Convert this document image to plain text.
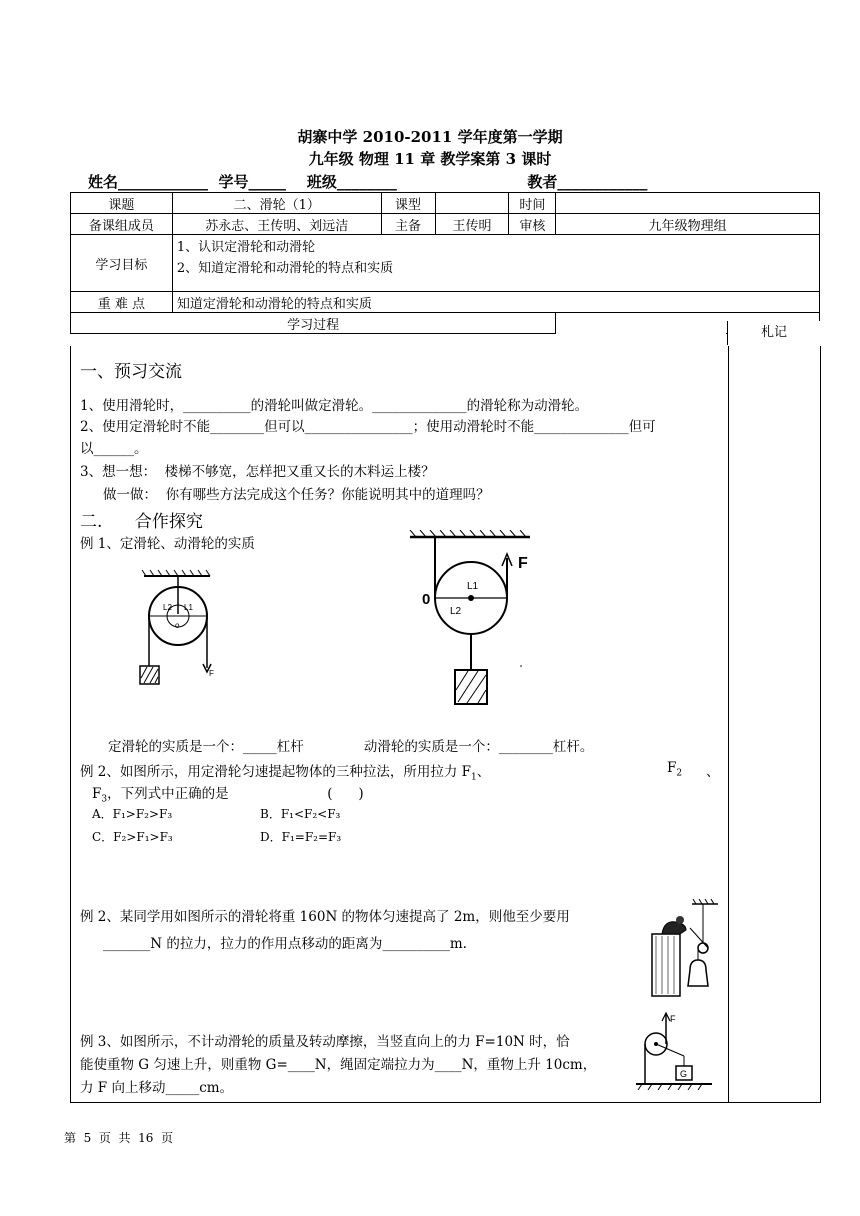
胡寨中学 2010-2011 学年度第一学期
九年级 物理 11 章 教学案第 3 课时
姓名____________  学号_____    班级________                         教者____________
课题	二、滑轮（1）	课型		时间	
备课组成员	苏永志、王传明、刘远洁	主备	王传明	审核	九年级物理组
学习目标	1、认识定滑轮和动滑轮
2、知道定滑轮和动滑轮的特点和实质				

重 难 点	知道定滑轮和动滑轮的特点和实质				
学习过程						札记
一、预习交流
1、使用滑轮时，__________的滑轮叫做定滑轮。______________的滑轮称为动滑轮。
2、使用定滑轮时不能________但可以________________；使用动滑轮时不能______________但可
以______。
3、想一想：  楼梯不够宽，怎样把又重又长的木料运上楼？
做一做：  你有哪些方法完成这个任务？你能说明其中的道理吗？
二.      合作探究
例 1、定滑轮、动滑轮的实质
L2 L1
o
F
L1
L2
F
0
定滑轮的实质是一个：_____杠杆              动滑轮的实质是一个：________杠杆。
例 2、如图所示，用定滑轮匀速提起物体的三种拉法，所用拉力 $F_1$、	$F_2$ 、
$F_3$，下列式中正确的是                       (      )
A．F₁>F₂>F₃	B．F₁<F₂<F₃
C．F₂>F₁>F₃	D．F₁=F₂=F₃
例 2、某同学用如图所示的滑轮将重 160N 的物体匀速提高了 2m，则他至少要用
_______N 的拉力，拉力的作用点移动的距离为__________m.
例 3、如图所示，不计动滑轮的质量及转动摩擦，当竖直向上的力 F=10N 时，恰
能使重物 G 匀速上升，则重物 G=____N，绳固定端拉力为____N，重物上升 10cm，
力 F 向上移动_____cm。
F
G
第  5  页  共  16  页
